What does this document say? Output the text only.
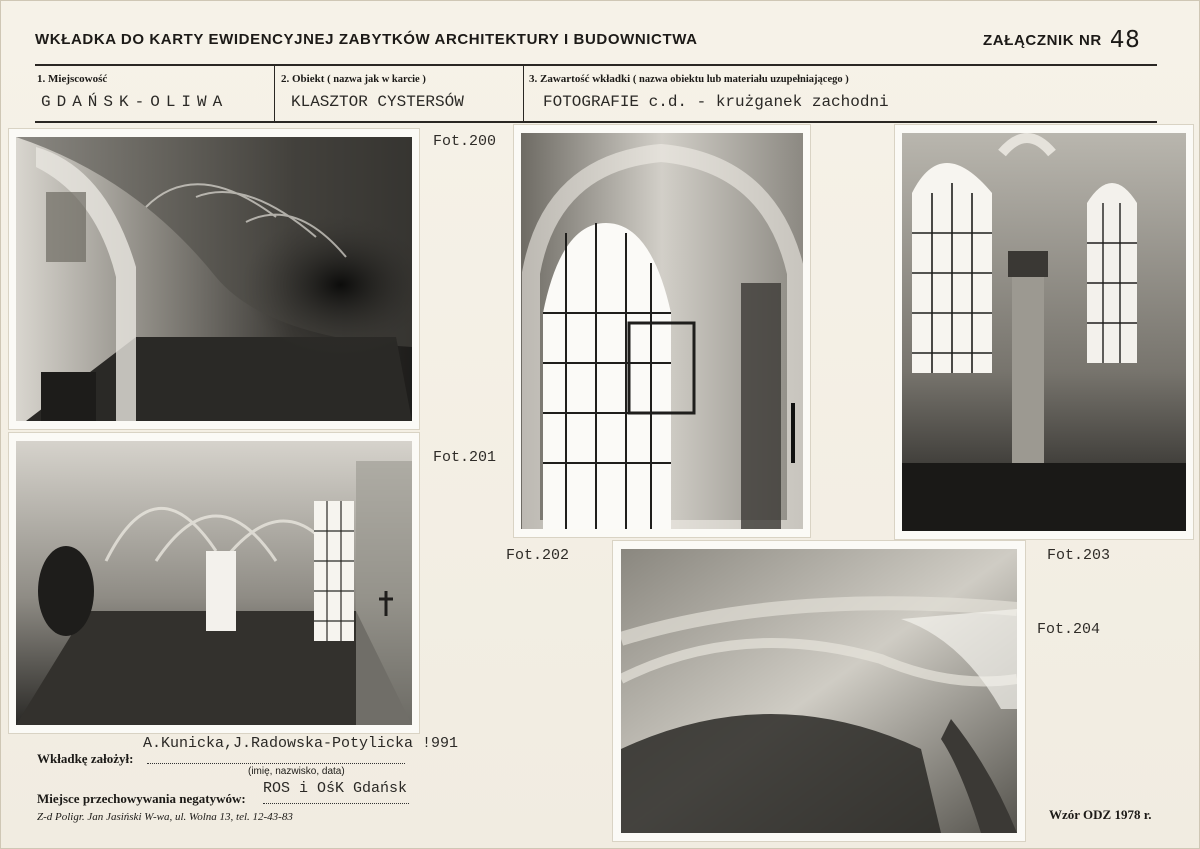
WKŁADKA DO KARTY EWIDENCYJNEJ ZABYTKÓW ARCHITEKTURY I BUDOWNICTWA	ZAŁĄCZNIK NR 48
1. Miejscowość	2. Obiekt ( nazwa jak w karcie )	3. Zawartość wkładki ( nazwa obiektu lub materiału uzupełniającego )
GDAŃSK-OLIWA	KLASZTOR CYSTERSÓW	FOTOGRAFIE c.d. - krużganek zachodni
Fot.200
Fot.201
Fot.202	Fot.203
Fot.204
A.Kunicka,J.Radowska-Potylicka !991
Wkładkę założył:
(imię, nazwisko, data)
ROS i OśK Gdańsk
Miejsce przechowywania negatywów:
Z-d Poligr. Jan Jasiński W-wa, ul. Wolna 13, tel. 12-43-83	Wzór ODZ 1978 r.
